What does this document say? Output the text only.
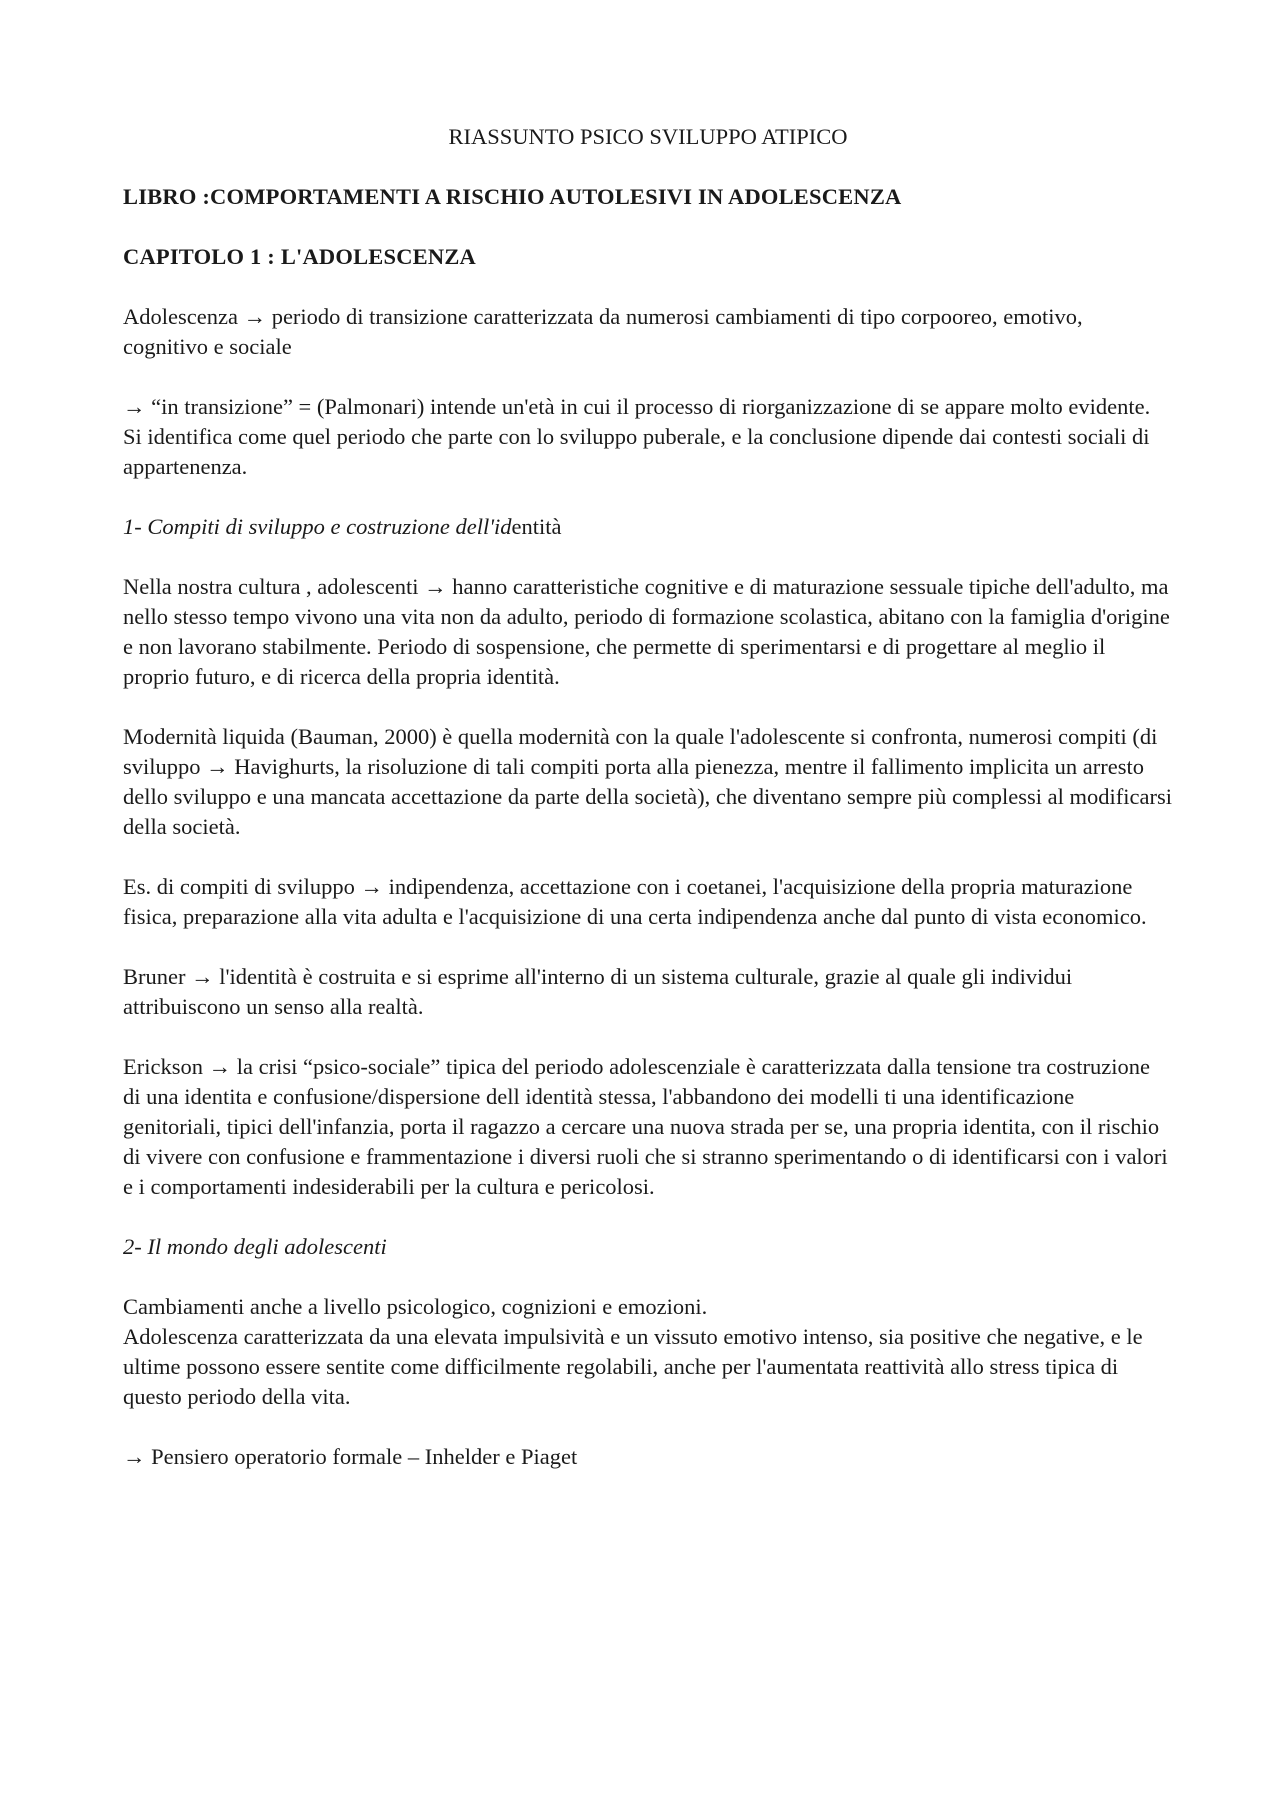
RIASSUNTO PSICO SVILUPPO ATIPICO
LIBRO :COMPORTAMENTI A RISCHIO AUTOLESIVI IN ADOLESCENZA
CAPITOLO 1 : L'ADOLESCENZA

Adolescenza → periodo di transizione caratterizzata da numerosi cambiamenti di tipo corpooreo, emotivo, cognitivo e sociale

→ “in transizione” = (Palmonari) intende un'età in cui il processo di riorganizzazione di se appare molto evidente.

Si identifica come quel periodo che parte con lo sviluppo puberale, e la conclusione dipende dai contesti sociali di appartenenza.

1- Compiti di sviluppo e costruzione dell'identità

Nella nostra cultura , adolescenti → hanno caratteristiche cognitive e di maturazione sessuale tipiche dell'adulto, ma nello stesso tempo vivono una vita non da adulto, periodo di formazione scolastica, abitano con la famiglia d'origine e non lavorano stabilmente. Periodo di sospensione, che permette di sperimentarsi e di progettare al meglio il proprio futuro, e di ricerca della propria identità.

Modernità liquida (Bauman, 2000) è quella modernità con la quale l'adolescente si confronta, numerosi compiti (di sviluppo → Havighurts, la risoluzione di tali compiti porta alla pienezza, mentre il fallimento implicita un arresto dello sviluppo e una mancata accettazione da parte della società), che diventano sempre più complessi al modificarsi della società.

Es. di compiti di sviluppo → indipendenza, accettazione con i coetanei, l'acquisizione della propria maturazione fisica, preparazione alla vita adulta e l'acquisizione di una certa indipendenza anche dal punto di vista economico.

Bruner → l'identità è costruita e si esprime all'interno di un sistema culturale, grazie al quale gli individui attribuiscono un senso alla realtà.

Erickson → la crisi “psico-sociale” tipica del periodo adolescenziale è caratterizzata dalla tensione tra costruzione di una identita e confusione/dispersione dell identità stessa, l'abbandono dei modelli ti una identificazione genitoriali, tipici dell'infanzia, porta il ragazzo a cercare una nuova strada per se, una propria identita, con il rischio di vivere con confusione e frammentazione i diversi ruoli che si stranno sperimentando o di identificarsi con i valori e i comportamenti indesiderabili per la cultura e pericolosi.

2- Il mondo degli adolescenti

Cambiamenti anche a livello psicologico, cognizioni e emozioni.

Adolescenza caratterizzata da una elevata impulsività e un vissuto emotivo intenso, sia positive che negative, e le ultime possono essere sentite come difficilmente regolabili, anche per l'aumentata reattività allo stress tipica di questo periodo della vita.

→ Pensiero operatorio formale – Inhelder e Piaget
